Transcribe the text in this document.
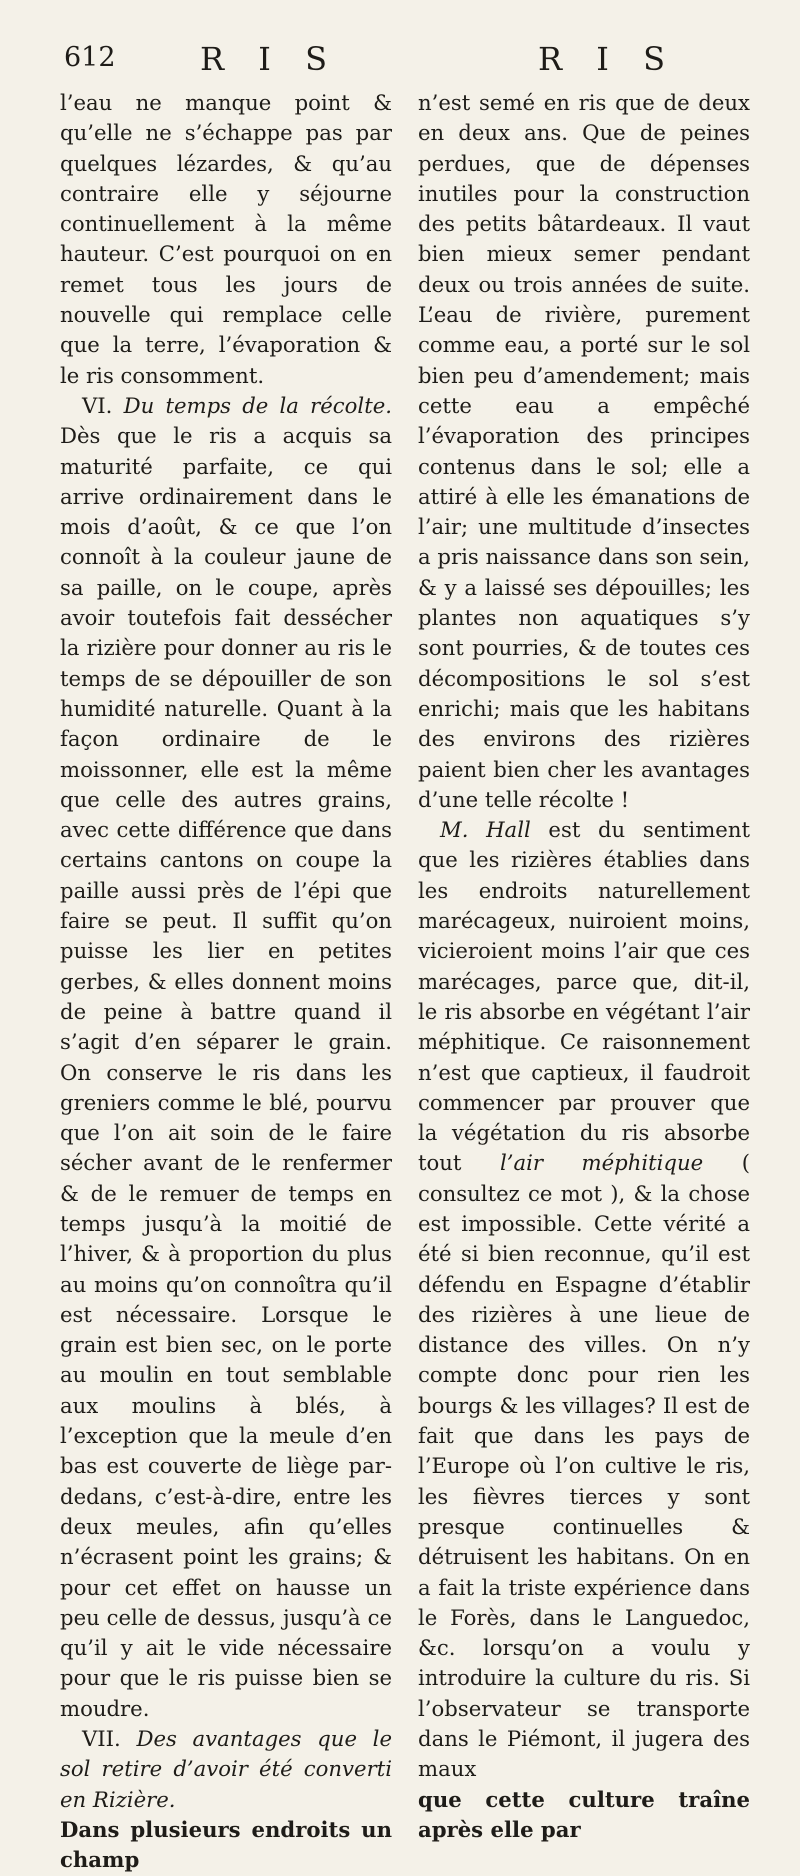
612	R I S	R I S

l’eau ne manque point & qu’elle ne s’échappe pas par quelques lézardes, & qu’au contraire elle y séjourne continuellement à la même hauteur. C’est pourquoi on en remet tous les jours de nouvelle qui remplace celle que la terre, l’évaporation & le ris consomment.

VI. Du temps de la récolte. Dès que le ris a acquis sa maturité parfaite, ce qui arrive ordinairement dans le mois d’août, & ce que l’on connoît à la couleur jaune de sa paille, on le coupe, après avoir toutefois fait dessécher la rizière pour donner au ris le temps de se dépouiller de son humidité naturelle. Quant à la façon ordinaire de le moissonner, elle est la même que celle des autres grains, avec cette différence que dans certains cantons on coupe la paille aussi près de l’épi que faire se peut. Il suffit qu’on puisse les lier en petites gerbes, & elles donnent moins de peine à battre quand il s’agit d’en séparer le grain. On conserve le ris dans les greniers comme le blé, pourvu que l’on ait soin de le faire sécher avant de le renfermer & de le remuer de temps en temps jusqu’à la moitié de l’hiver, & à proportion du plus au moins qu’on connoîtra qu’il est nécessaire. Lorsque le grain est bien sec, on le porte au moulin en tout semblable aux moulins à blés, à l’exception que la meule d’en bas est couverte de liège par-dedans, c’est-à-dire, entre les deux meules, afin qu’elles n’écrasent point les grains; & pour cet effet on hausse un peu celle de dessus, jusqu’à ce qu’il y ait le vide nécessaire pour que le ris puisse bien se moudre.

VII. Des avantages que le sol retire d’avoir été converti en Rizière.

Dans plusieurs endroits un champ

n’est semé en ris que de deux en deux ans. Que de peines perdues, que de dépenses inutiles pour la construction des petits bâtardeaux. Il vaut bien mieux semer pendant deux ou trois années de suite. L’eau de rivière, purement comme eau, a porté sur le sol bien peu d’amendement; mais cette eau a empêché l’évaporation des principes contenus dans le sol; elle a attiré à elle les émanations de l’air; une multitude d’insectes a pris naissance dans son sein, & y a laissé ses dépouilles; les plantes non aquatiques s’y sont pourries, & de toutes ces décompositions le sol s’est enrichi; mais que les habitans des environs des rizières paient bien cher les avantages d’une telle récolte !

M. Hall est du sentiment que les rizières établies dans les endroits naturellement marécageux, nuiroient moins, vicieroient moins l’air que ces marécages, parce que, dit-il, le ris absorbe en végétant l’air méphitique. Ce raisonnement n’est que captieux, il faudroit commencer par prouver que la végétation du ris absorbe tout l’air méphitique ( consultez ce mot ), & la chose est impossible. Cette vérité a été si bien reconnue, qu’il est défendu en Espagne d’établir des rizières à une lieue de distance des villes. On n’y compte donc pour rien les bourgs & les villages? Il est de fait que dans les pays de l’Europe où l’on cultive le ris, les fièvres tierces y sont presque continuelles & détruisent les habitans. On en a fait la triste expérience dans le Forès, dans le Languedoc, &c. lorsqu’on a voulu y introduire la culture du ris. Si l’observateur se transporte dans le Piémont, il jugera des maux

que cette culture traîne après elle par
